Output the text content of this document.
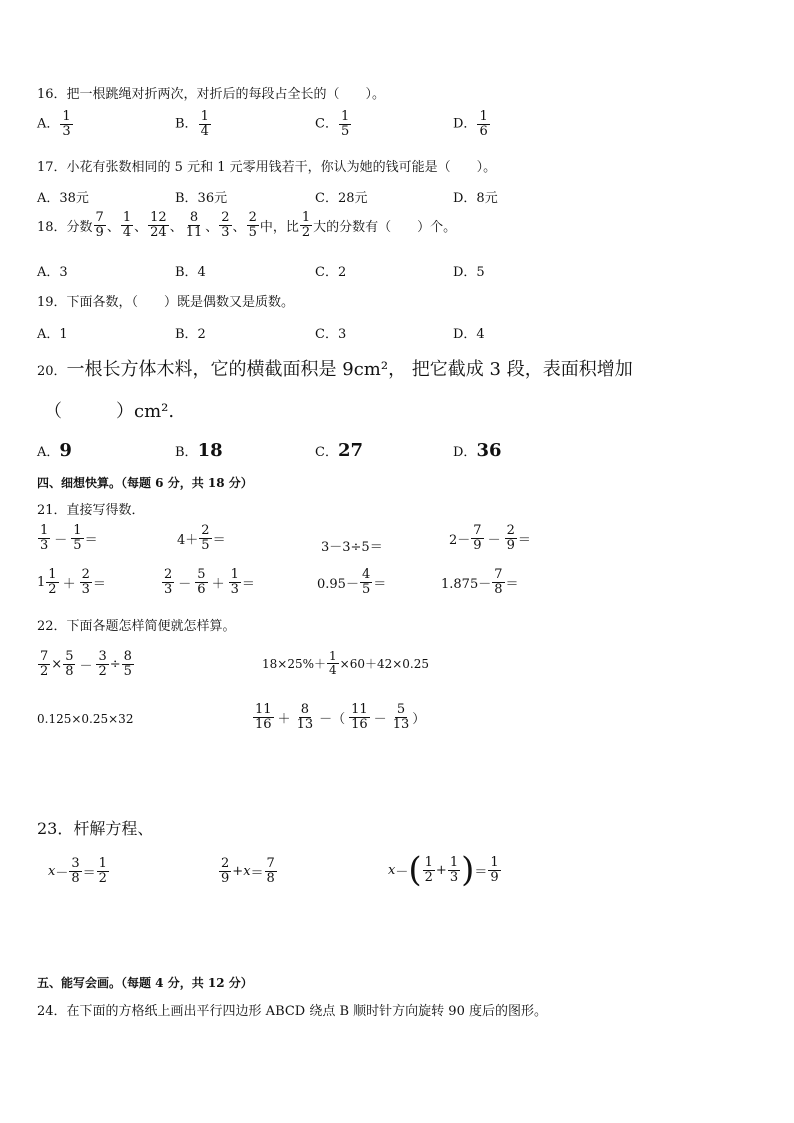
16．把一根跳绳对折两次，对折后的每段占全长的（　　）。
A． $\frac{1}{3}$	B． $\frac{1}{4}$	C． $\frac{1}{5}$	D． $\frac{1}{6}$
17．小花有张数相同的 5 元和 1 元零用钱若干，你认为她的钱可能是（　　）。
A．38元	B．36元	C．28元	D．8元
18．分数 $\frac{7}{9}$ 、 $\frac{1}{4}$ 、 $\frac{12}{24}$ 、 $\frac{8}{11}$ 、 $\frac{2}{3}$ 、 $\frac{2}{5}$ 中，比 $\frac{1}{2}$ 大的分数有（　　）个。
A．3	B．4	C．2	D．5
19．下面各数，（　　）既是偶数又是质数。
A．1	B．2	C．3	D．4
20．一根长方体木料，它的横截面积是 9cm²， 把它截成 3 段，表面积增加
（　　　）cm².
A．9	B．18	C．27	D．36
四、细想快算。（每题 6 分，共 18 分）
21．直接写得数．
$\frac{1}{3} - \frac{1}{5}$ ＝	$4+ \frac{2}{5}$ ＝	3－3÷5＝	$2- \frac{7}{9} - \frac{2}{9}$ ＝
$1 \frac{1}{2} + \frac{2}{3}$ ＝	$\frac{2}{3} - \frac{5}{6} + \frac{1}{3}$ ＝	$0.95- \frac{4}{5}$ ＝	$1.875- \frac{7}{8}$ ＝
22．下面各题怎样简便就怎样算。
$\frac{7}{2} \times \frac{5}{8} - \frac{3}{2} \div \frac{8}{5}$	$18\times 25\%+ \frac{1}{4} \times 60+42\times 0.25$
0.125×0.25×32	$\frac{11}{16} + \frac{8}{13}$ －（ $\frac{11}{16} - \frac{5}{13}$ ）
23．杆解方程、
$x - \frac{3}{8} = \frac{1}{2}$	$\frac{2}{9} + x = \frac{7}{8}$	x － ( $\frac{1}{2} + \frac{1}{3}$ ) ＝ $\frac{1}{9}$
五、能写会画。（每题 4 分，共 12 分）
24．在下面的方格纸上画出平行四边形 ABCD 绕点 B 顺时针方向旋转 90 度后的图形。
